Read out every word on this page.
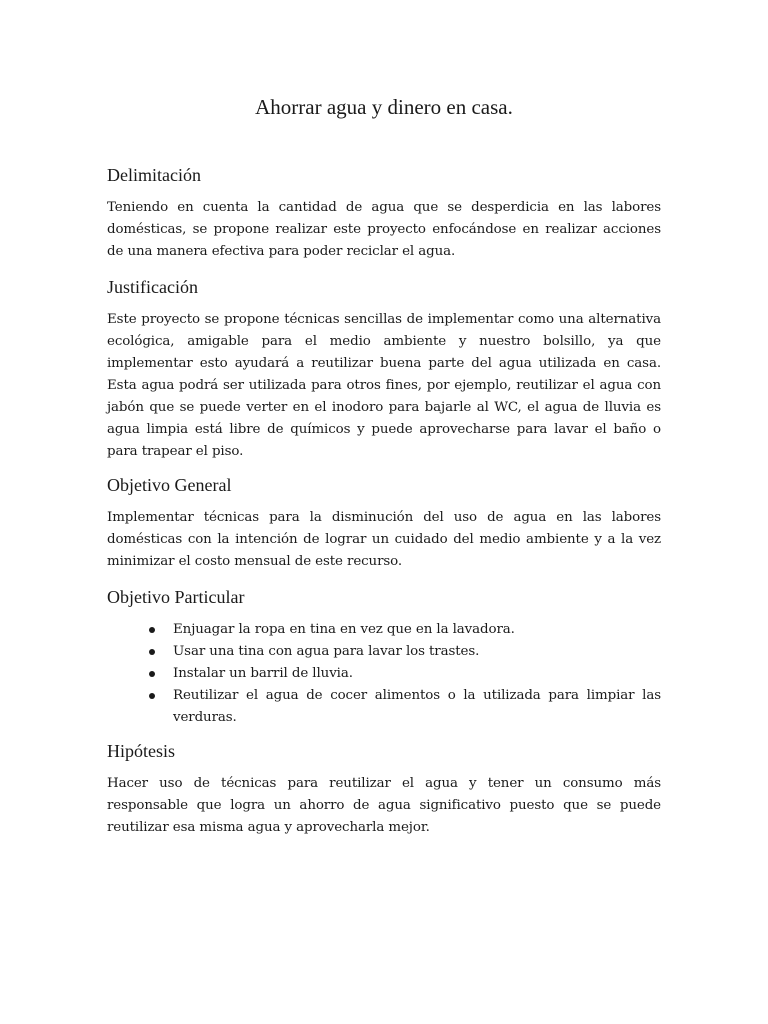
Ahorrar agua y dinero en casa.
Delimitación

Teniendo en cuenta la cantidad de agua que se desperdicia en las labores domésticas, se propone realizar este proyecto enfocándose en realizar acciones de una manera efectiva para poder reciclar el agua.

Justificación

Este proyecto se propone técnicas sencillas de implementar como una alternativa ecológica, amigable para el medio ambiente y nuestro bolsillo, ya que implementar esto ayudará a reutilizar buena parte del agua utilizada en casa. Esta agua podrá ser utilizada para otros fines, por ejemplo, reutilizar el agua con jabón que se puede verter en el inodoro para bajarle al WC, el agua de lluvia es agua limpia está libre de químicos y puede aprovecharse para lavar el baño o para trapear el piso.

Objetivo General

Implementar técnicas para la disminución del uso de agua en las labores domésticas con la intención de lograr un cuidado del medio ambiente y a la vez minimizar el costo mensual de este recurso.

Objetivo Particular
Enjuagar la ropa en tina en vez que en la lavadora.
Usar una tina con agua para lavar los trastes.
Instalar un barril de lluvia.
Reutilizar el agua de cocer alimentos o la utilizada para limpiar las verduras.
Hipótesis

Hacer uso de técnicas para reutilizar el agua y tener un consumo más responsable que logra un ahorro de agua significativo puesto que se puede reutilizar esa misma agua y aprovecharla mejor.
